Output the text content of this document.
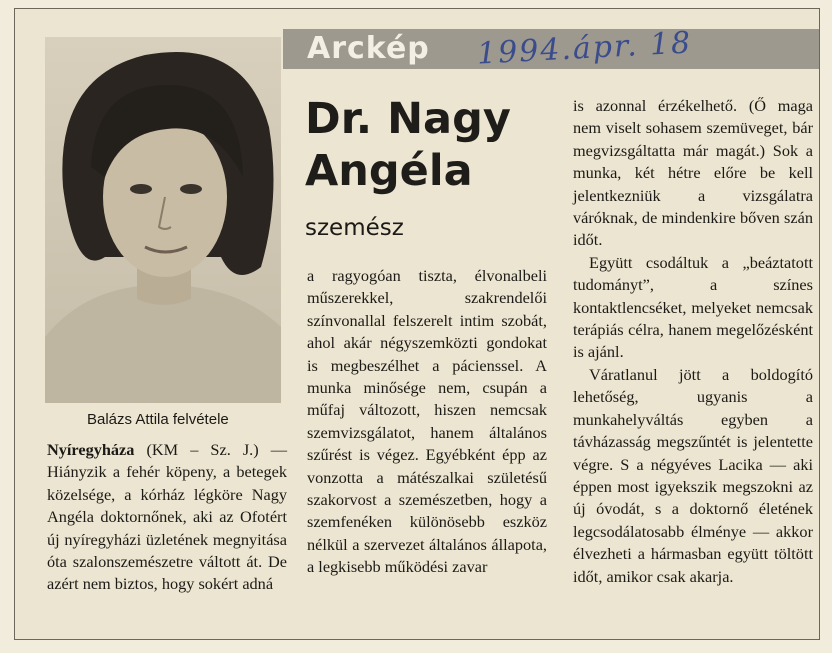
Arckép 1994.ápr. 18
Balázs Attila felvétele
Dr. Nagy Angéla
szemész

Nyíregyháza (KM – Sz. J.) — Hiányzik a fehér köpeny, a betegek közelsége, a kórház légköre Nagy Angéla doktornőnek, aki az Ofotért új nyíregyházi üzletének megnyitása óta szalonszemészetre váltott át. De azért nem biztos, hogy sokért adná

a ragyogóan tiszta, élvonalbeli műszerekkel, szakrendelői színvonallal felszerelt intim szobát, ahol akár négyszemközti gondokat is megbeszélhet a pácienssel. A munka minősége nem, csupán a műfaj változott, hiszen nemcsak szemvizsgálatot, hanem általános szűrést is végez. Egyébként épp az vonzotta a mátészalkai születésű szakorvost a szemészetben, hogy a szemfenéken különösebb eszköz nélkül a szervezet általános állapota, a legkisebb működési zavar

is azonnal érzékelhető. (Ő maga nem viselt sohasem szemüveget, bár megvizsgáltatta már magát.) Sok a munka, két hétre előre be kell jelentkezniük a vizsgálatra váróknak, de mindenkire bőven szán időt.

Együtt csodáltuk a „beáztatott tudományt”, a színes kontaktlencséket, melyeket nemcsak terápiás célra, hanem megelőzésként is ajánl.

Váratlanul jött a boldogító lehetőség, ugyanis a munkahelyváltás egyben a távházasság megszűntét is jelentette végre. S a négyéves Lacika — aki éppen most igyekszik megszokni az új óvodát, s a doktornő életének legcsodálatosabb élménye — akkor élvezheti a hármasban együtt töltött időt, amikor csak akarja.
